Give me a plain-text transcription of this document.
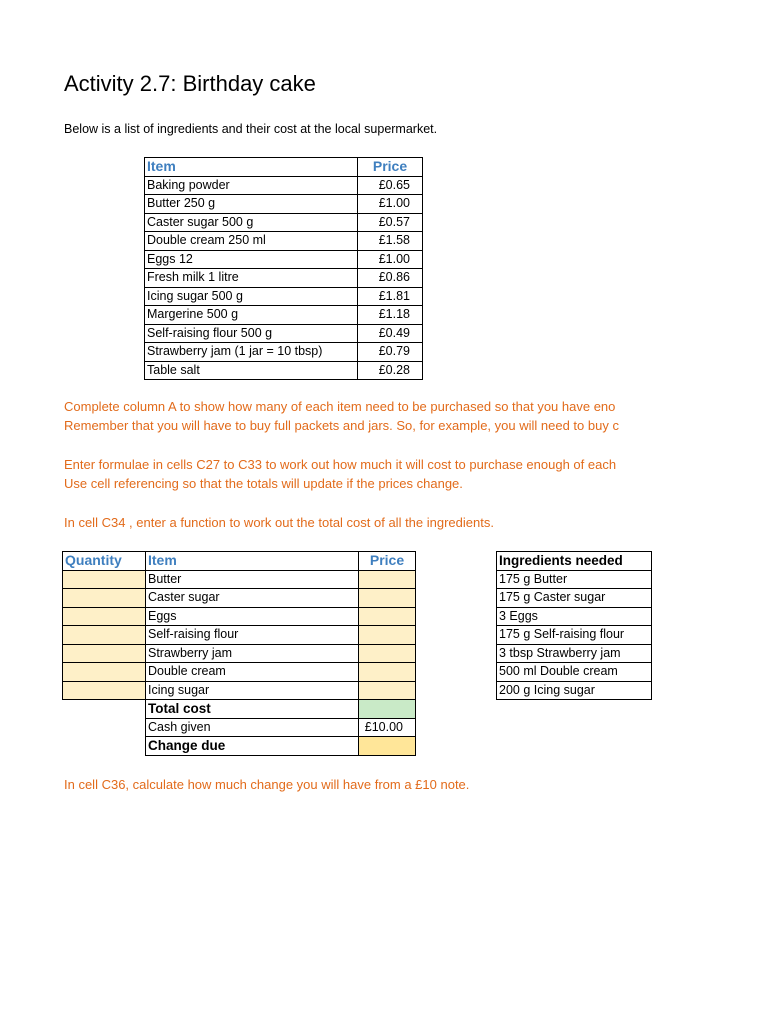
Activity 2.7: Birthday cake
Below is a list of ingredients and their cost at the local supermarket.
Item	Price
Baking powder	£0.65
Butter 250 g	£1.00
Caster sugar 500 g	£0.57
Double cream 250 ml	£1.58
Eggs 12	£1.00
Fresh milk 1 litre	£0.86
Icing sugar 500 g	£1.81
Margerine 500 g	£1.18
Self-raising flour 500 g	£0.49
Strawberry jam (1 jar = 10 tbsp)	£0.79
Table salt	£0.28
Complete column A to show how many of each item need to be purchased so that you have eno
Remember that you will have to buy full packets and jars. So, for example, you will need to buy c
Enter formulae in cells C27 to C33 to work out how much it will cost to purchase enough of each
Use cell referencing so that the totals will update if the prices change.
In cell C34 , enter a function to work out the total cost of all the ingredients.
Quantity	Item	Price
	Butter	
	Caster sugar	
	Eggs	
	Self-raising flour	
	Strawberry jam	
	Double cream	
	Icing sugar	
	Total cost	
	Cash given	£10.00
	Change due	
Ingredients needed
175 g Butter
175 g Caster sugar
3 Eggs
175 g Self-raising flour
3 tbsp Strawberry jam
500 ml Double cream
200 g Icing sugar
In cell C36, calculate how much change you will have from a £10 note.
